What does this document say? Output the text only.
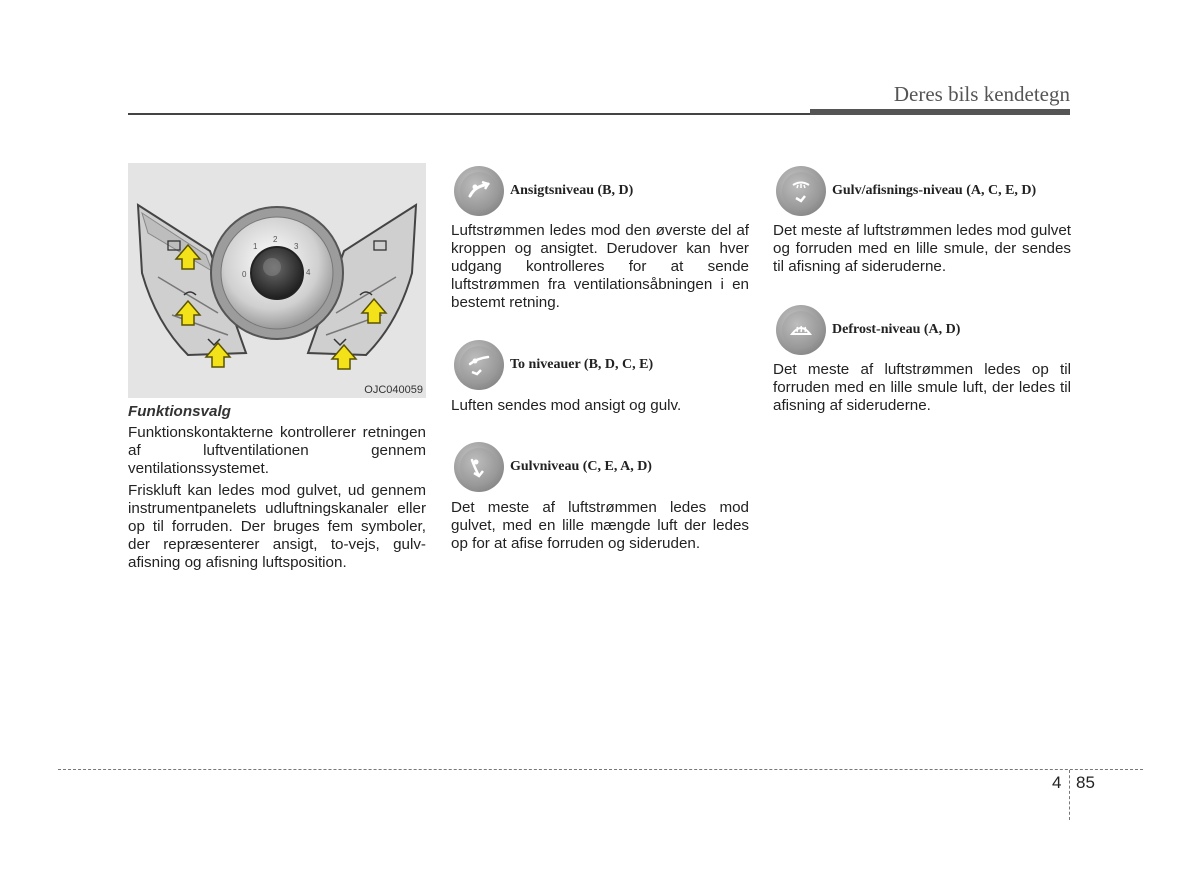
Deres bils kendetegn
0
1
2
3
4
OJC040059
Funktionsvalg

Funktionskontakterne kontrollerer retningen af luftventilationen gennem ventilationssystemet.

Friskluft kan ledes mod gulvet, ud gennem instrumentpanelets udluftningskanaler eller op til forruden. Der bruges fem symboler, der repræsenterer ansigt, to-vejs, gulv-afisning og afisning luftsposition.

Ansigtsniveau (B, D)
Luftstrømmen ledes mod den øverste del af kroppen og ansigtet. Derudover kan hver udgang kontrolleres for at sende luftstrømmen fra ventilationsåbningen i en bestemt retning.
To niveauer (B, D, C, E)
Luften sendes mod ansigt og gulv.
Gulvniveau (C, E, A, D)
Det meste af luftstrømmen ledes mod gulvet, med en lille mængde luft der ledes op for at afise forruden og sideruden.
Gulv/afisnings-niveau (A, C, E, D)
Det meste af luftstrømmen ledes mod gulvet og forruden med en lille smule, der sendes til afisning af sideruderne.
Defrost-niveau (A, D)
Det meste af luftstrømmen ledes op til forruden med en lille smule luft, der ledes til afisning af sideruderne.
4 85
